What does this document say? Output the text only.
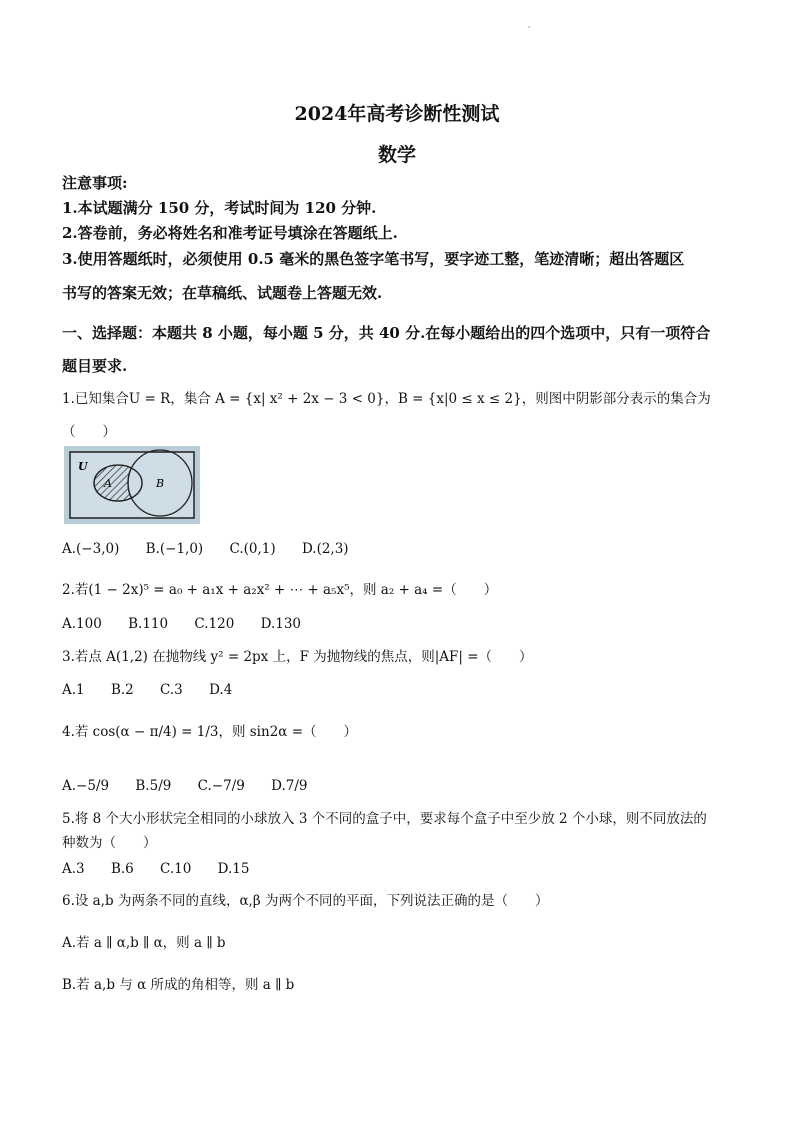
2024年高考诊断性测试
数学
注意事项:
1.本试题满分 150 分，考试时间为 120 分钟.
2.答卷前，务必将姓名和准考证号填涂在答题纸上.
3.使用答题纸时，必须使用 0.5 毫米的黑色签字笔书写，要字迹工整，笔迹清晰；超出答题区
书写的答案无效；在草稿纸、试题卷上答题无效.
一、选择题：本题共 8 小题，每小题 5 分，共 40 分.在每小题给出的四个选项中，只有一项符合
题目要求.
1.已知集合U = R，集合 A = {x| x² + 2x − 3 < 0}，B = {x|0 ≤ x ≤ 2}，则图中阴影部分表示的集合为
（　　）
U
A	B
A.(−3,0) B.(−1,0) C.(0,1) D.(2,3)
2.若(1 − 2x)⁵ = a₀ + a₁x + a₂x² + ⋯ + a₅x⁵，则 a₂ + a₄ =（　　）
A.100 B.110 C.120 D.130
3.若点 A(1,2) 在抛物线 y² = 2px 上，F 为抛物线的焦点，则|AF| =（　　）
A.1 B.2 C.3 D.4
4.若 cos(α − π/4) = 1/3，则 sin2α =（　　）
A.−5/9 B.5/9 C.−7/9 D.7/9
5.将 8 个大小形状完全相同的小球放入 3 个不同的盒子中，要求每个盒子中至少放 2 个小球，则不同放法的
种数为（　　）
A.3 B.6 C.10 D.15
6.设 a,b 为两条不同的直线，α,β 为两个不同的平面，下列说法正确的是（　　）
A.若 a ∥ α,b ∥ α，则 a ∥ b
B.若 a,b 与 α 所成的角相等，则 a ∥ b
